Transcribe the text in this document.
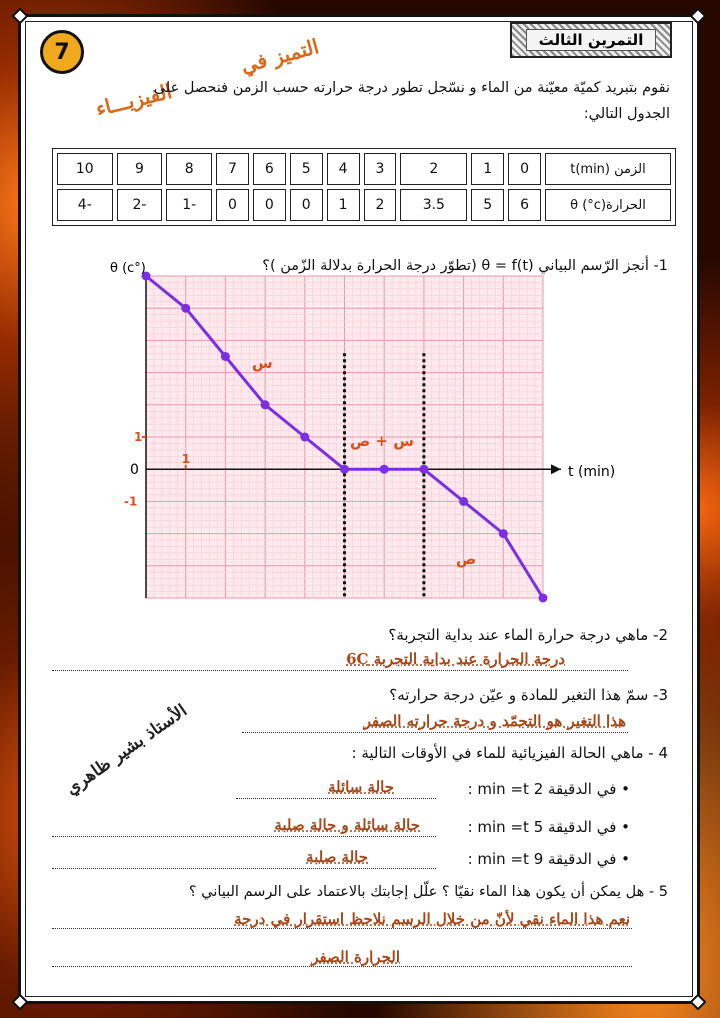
التمرين الثالث
7	التميز في
الفيزيـــاء
نقوم بتبريد كميّة معيّنة من الماء و نسّجل تطور درجة حرارته حسب الزمن فنحصل على
الجدول التالي:
الزمن t(min)	0	1	2	3	4	5	6	7	8	9	10
الحرارة(c°) θ	6	5	3.5	2	1	0	0	0	-1	-2	-4
1- أنجز الرّسم البياني θ = f(t) (تطوّر درجة الحرارة بدلالة الزّمن )؟
θ (c°)
t (min)
1
1
0
-1
س
س + ص
ص
2- ماهي درجة حرارة الماء عند بداية التجربة؟
درجة الحرارة عند بداية التجربة 6C
الأستاذ بشير ظاهري
3- سمّ هذا التغير للمادة و عيّن درجة حرارته؟
هذا التغير هو التجمّد و درجة حرارته الصفر
4 - ماهي الحالة الفيزيائية للماء في الأوقات التالية :
• في الدقيقة 2 min =t :
حالة سائلة
• في الدقيقة 5 min =t :
حالة سائلة و حالة صلبة
• في الدقيقة 9 min =t :
حالة صلبة
5 - هل يمكن أن يكون هذا الماء نقيّا ؟ علّل إجابتك بالاعتماد على الرسم البياني ؟
نعم هذا الماء نقي لأنّ من خلال الرسم نلاحظ استقرار في درجة
الحرارة الصفر
